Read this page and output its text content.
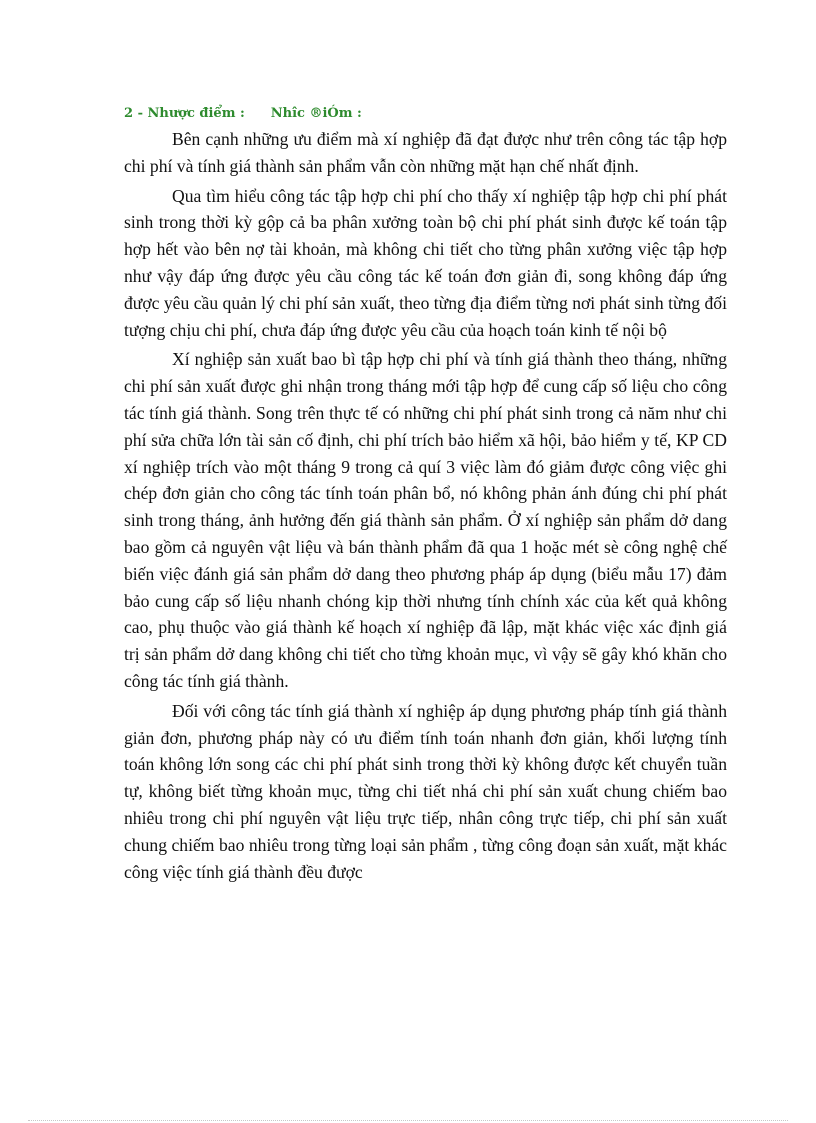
2 - Nhược điểm : Nhîc ®iÓm :

Bên cạnh những ưu điểm mà xí nghiệp đã đạt được như trên công tác tập hợp chi phí và tính giá thành sản phẩm vẫn còn những mặt hạn chế nhất định.

Qua tìm hiểu công tác tập hợp chi phí cho thấy xí nghiệp tập hợp chi phí phát sinh trong thời kỳ gộp cả ba phân xưởng toàn bộ chi phí phát sinh được kế toán tập hợp hết vào bên nợ tài khoản, mà không chi tiết cho từng phân xưởng việc tập hợp như vậy đáp ứng được yêu cầu công tác kế toán đơn giản đi, song không đáp ứng được yêu cầu quản lý chi phí sản xuất, theo từng địa điểm từng nơi phát sinh từng đối tượng chịu chi phí, chưa đáp ứng được yêu cầu của hoạch toán kinh tế nội bộ

Xí nghiệp sản xuất bao bì tập hợp chi phí và tính giá thành theo tháng, những chi phí sản xuất được ghi nhận trong tháng mới tập hợp để cung cấp số liệu cho công tác tính giá thành. Song trên thực tế có những chi phí phát sinh trong cả năm như chi phí sửa chữa lớn tài sản cố định, chi phí trích bảo hiểm xã hội, bảo hiểm y tế, KP CD xí nghiệp trích vào một tháng 9 trong cả quí 3 việc làm đó giảm được công việc ghi chép đơn giản cho công tác tính toán phân bổ, nó không phản ánh đúng chi phí phát sinh trong tháng, ảnh hưởng đến giá thành sản phẩm. Ở xí nghiệp sản phẩm dở dang bao gồm cả nguyên vật liệu và bán thành phẩm đã qua 1 hoặc mét sè công nghệ chế biến việc đánh giá sản phẩm dở dang theo phương pháp áp dụng (biểu mẫu 17) đảm bảo cung cấp số liệu nhanh chóng kịp thời nhưng tính chính xác của kết quả không cao, phụ thuộc vào giá thành kế hoạch xí nghiệp đã lập, mặt khác việc xác định giá trị sản phẩm dở dang không chi tiết cho từng khoản mục, vì vậy sẽ gây khó khăn cho công tác tính giá thành.

Đối với công tác tính giá thành xí nghiệp áp dụng phương pháp tính giá thành giản đơn, phương pháp này có ưu điểm tính toán nhanh đơn giản, khối lượng tính toán không lớn song các chi phí phát sinh trong thời kỳ không được kết chuyển tuần tự, không biết từng khoản mục, từng chi tiết nhá chi phí sản xuất chung chiếm bao nhiêu trong chi phí nguyên vật liệu trực tiếp, nhân công trực tiếp, chi phí sản xuất chung chiếm bao nhiêu trong từng loại sản phẩm , từng công đoạn sản xuất, mặt khác công việc tính giá thành đều được
